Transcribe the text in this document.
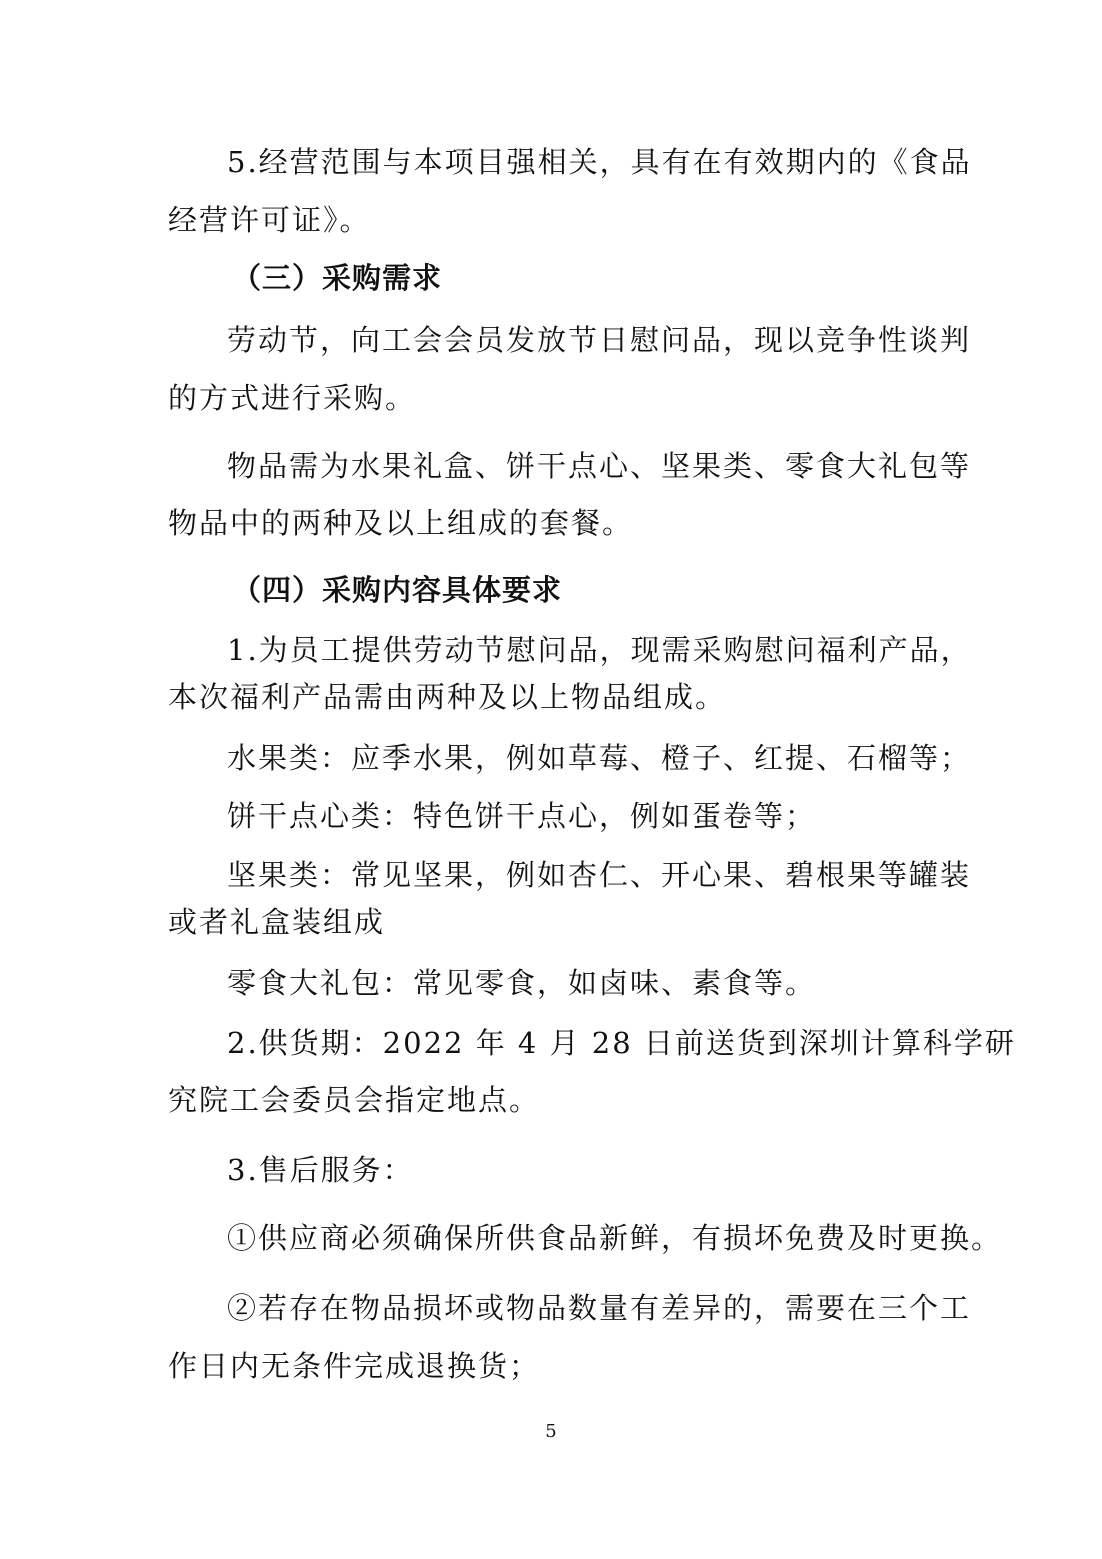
5.经营范围与本项目强相关，具有在有效期内的《食品
经营许可证》。
（三）采购需求
劳动节，向工会会员发放节日慰问品，现以竞争性谈判
的方式进行采购。
物品需为水果礼盒、饼干点心、坚果类、零食大礼包等
物品中的两种及以上组成的套餐。
（四）采购内容具体要求
1.为员工提供劳动节慰问品，现需采购慰问福利产品，
本次福利产品需由两种及以上物品组成。
水果类：应季水果，例如草莓、橙子、红提、石榴等；
饼干点心类：特色饼干点心，例如蛋卷等；
坚果类：常见坚果，例如杏仁、开心果、碧根果等罐装
或者礼盒装组成
零食大礼包：常见零食，如卤味、素食等。
2.供货期：2022 年 4 月 28 日前送货到深圳计算科学研
究院工会委员会指定地点。
3.售后服务：
①供应商必须确保所供食品新鲜，有损坏免费及时更换。
②若存在物品损坏或物品数量有差异的，需要在三个工
作日内无条件完成退换货；
5
